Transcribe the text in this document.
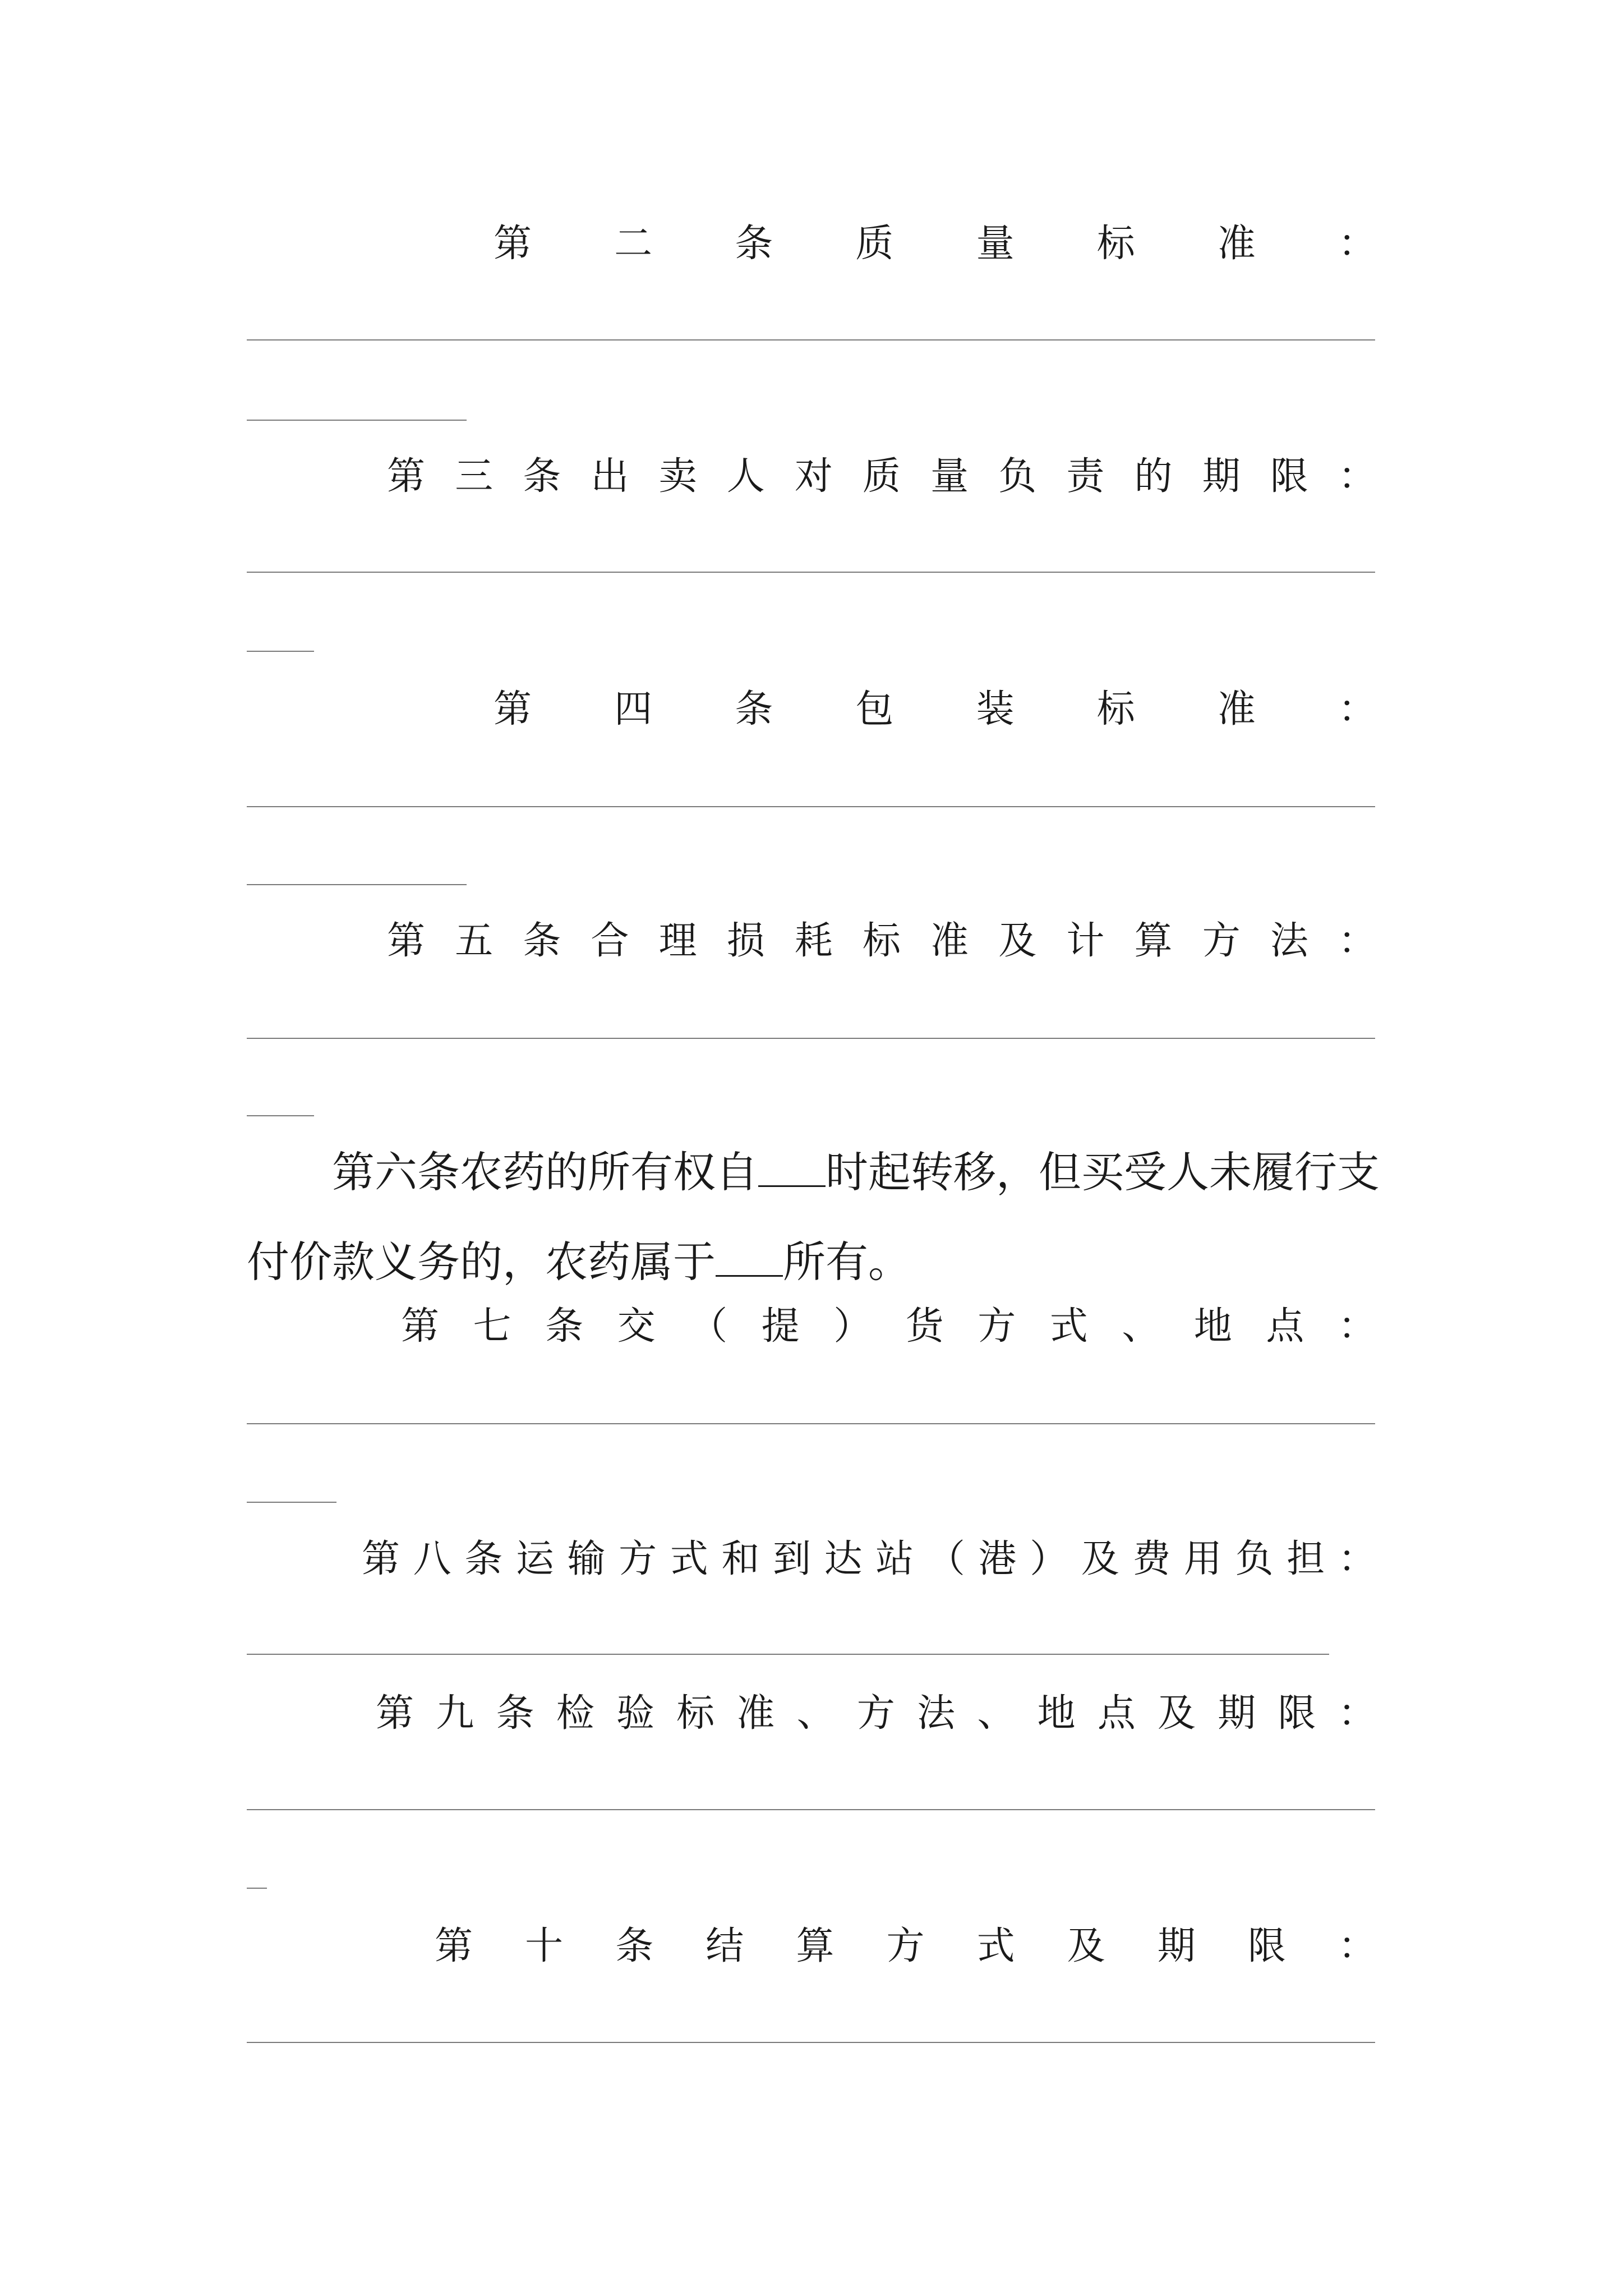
第 二 条 质 量 标 准 ：
第 三 条 出 卖 人 对 质 量 负 责 的 期 限 ：
第 四 条 包 装 标 准 ：
第 五 条 合 理 损 耗 标 准 及 计 算 方 法 ：

第六条农药的所有权自 时起转移，但买受人未履行支付价款义务的，农药属于 所有。

第 七 条 交 （ 提 ） 货 方 式 、 地 点 ：
第 八 条 运 输 方 式 和 到 达 站 （ 港 ） 及 费 用 负 担 ：
第 九 条 检 验 标 准 、 方 法 、 地 点 及 期 限 ：
第 十 条 结 算 方 式 及 期 限 ：
